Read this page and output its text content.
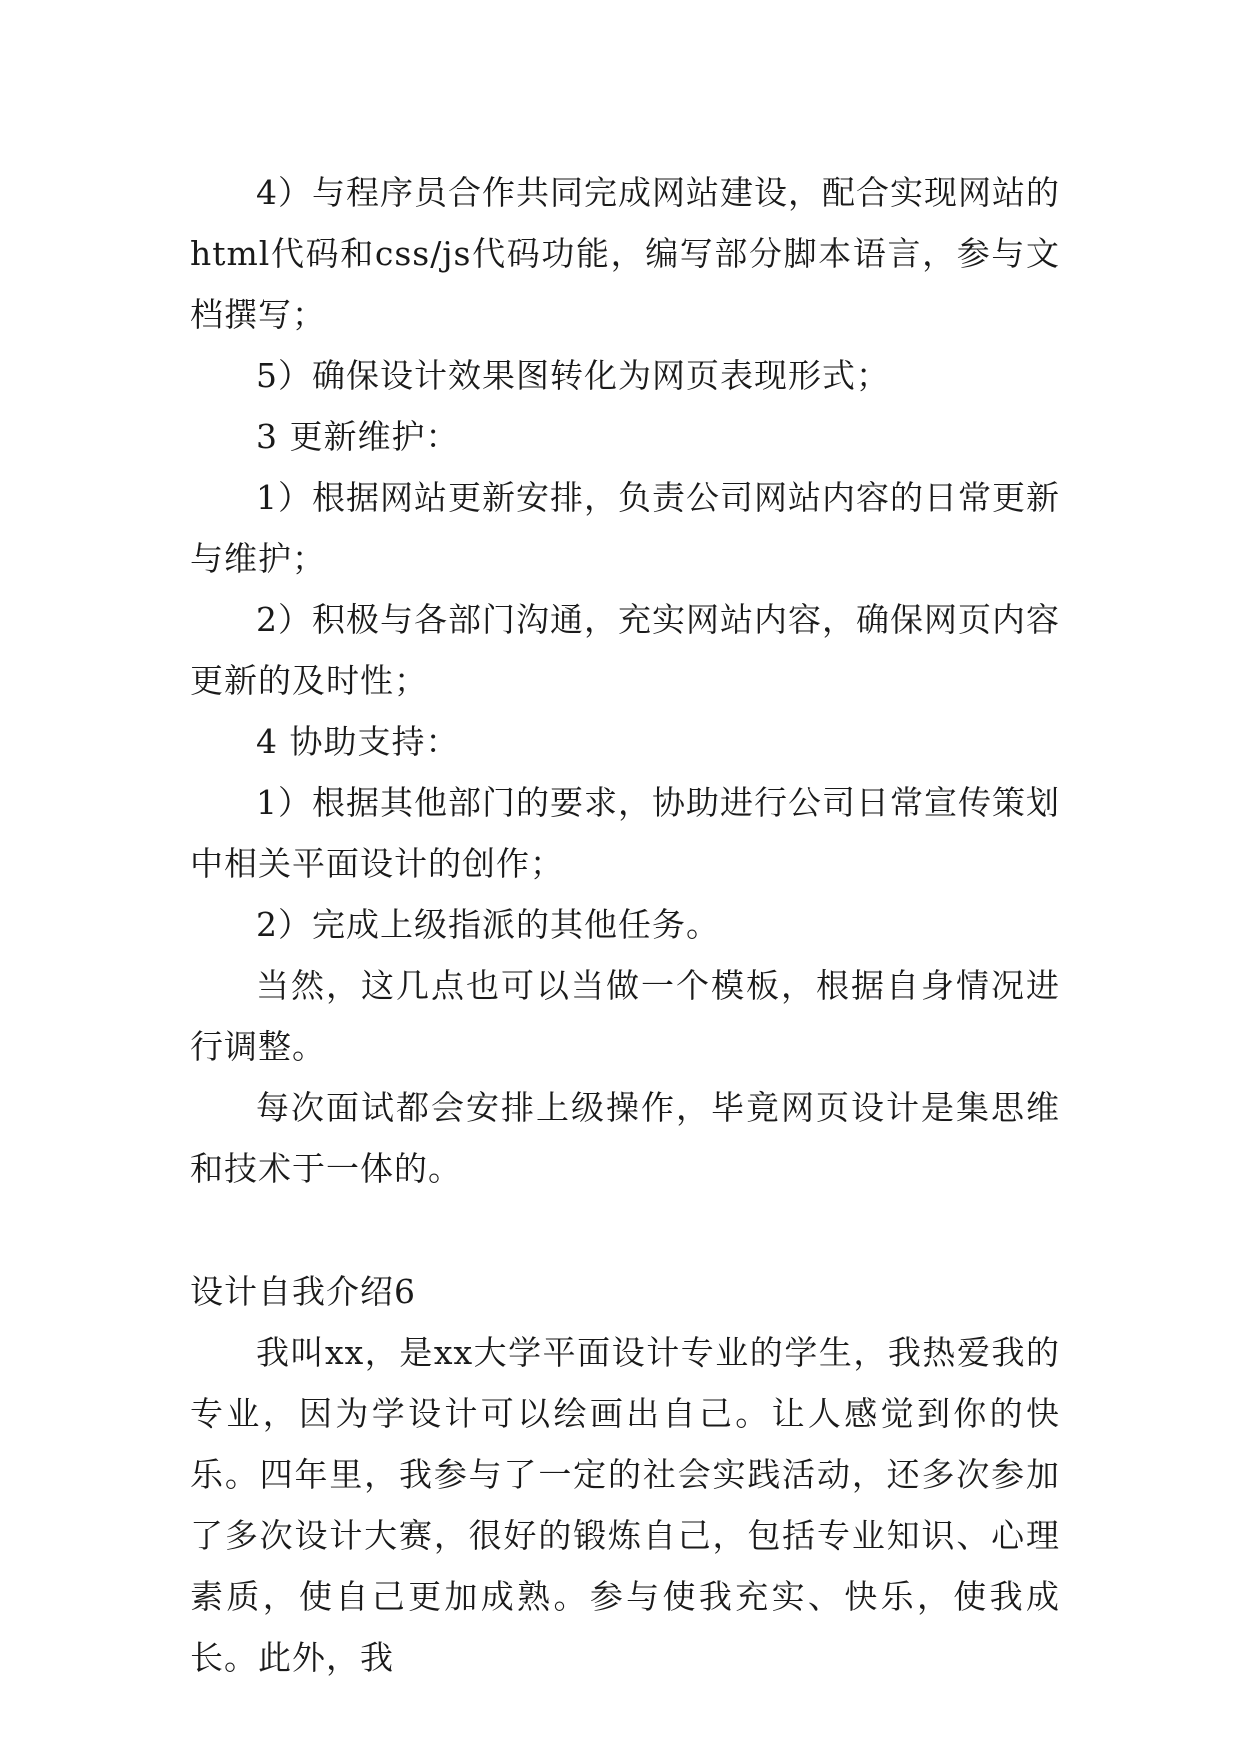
4）与程序员合作共同完成网站建设，配合实现网站的html代码和css/js代码功能，编写部分脚本语言，参与文档撰写；

5）确保设计效果图转化为网页表现形式；

3 更新维护：

1）根据网站更新安排，负责公司网站内容的日常更新与维护；

2）积极与各部门沟通，充实网站内容，确保网页内容更新的及时性；

4 协助支持：

1）根据其他部门的要求，协助进行公司日常宣传策划中相关平面设计的创作；

2）完成上级指派的其他任务。

当然，这几点也可以当做一个模板，根据自身情况进行调整。

每次面试都会安排上级操作，毕竟网页设计是集思维和技术于一体的。

设计自我介绍6

我叫xx，是xx大学平面设计专业的学生，我热爱我的专业，因为学设计可以绘画出自己。让人感觉到你的快乐。四年里，我参与了一定的社会实践活动，还多次参加了多次设计大赛，很好的锻炼自己，包括专业知识、心理素质，使自己更加成熟。参与使我充实、快乐，使我成长。此外，我
